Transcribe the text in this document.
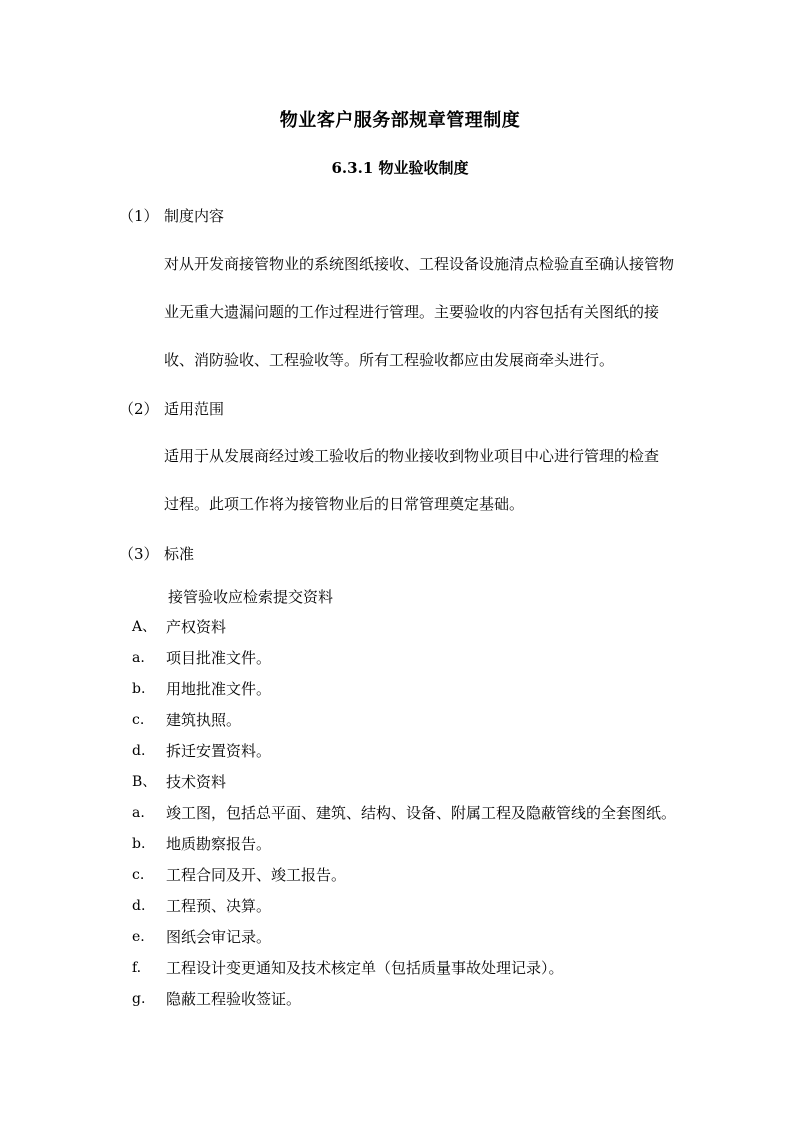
物业客户服务部规章管理制度
6.3.1 物业验收制度
（1） 制度内容
对从开发商接管物业的系统图纸接收、工程设备设施清点检验直至确认接管物
业无重大遗漏问题的工作过程进行管理。主要验收的内容包括有关图纸的接
收、消防验收、工程验收等。所有工程验收都应由发展商牵头进行。
（2） 适用范围
适用于从发展商经过竣工验收后的物业接收到物业项目中心进行管理的检查
过程。此项工作将为接管物业后的日常管理奠定基础。
（3） 标准
接管验收应检索提交资料
A、 产权资料
a. 项目批准文件。
b. 用地批准文件。
c. 建筑执照。
d. 拆迁安置资料。
B、 技术资料
a. 竣工图，包括总平面、建筑、结构、设备、附属工程及隐蔽管线的全套图纸。
b. 地质勘察报告。
c. 工程合同及开、竣工报告。
d. 工程预、决算。
e. 图纸会审记录。
f. 工程设计变更通知及技术核定单（包括质量事故处理记录）。
g. 隐蔽工程验收签证。
